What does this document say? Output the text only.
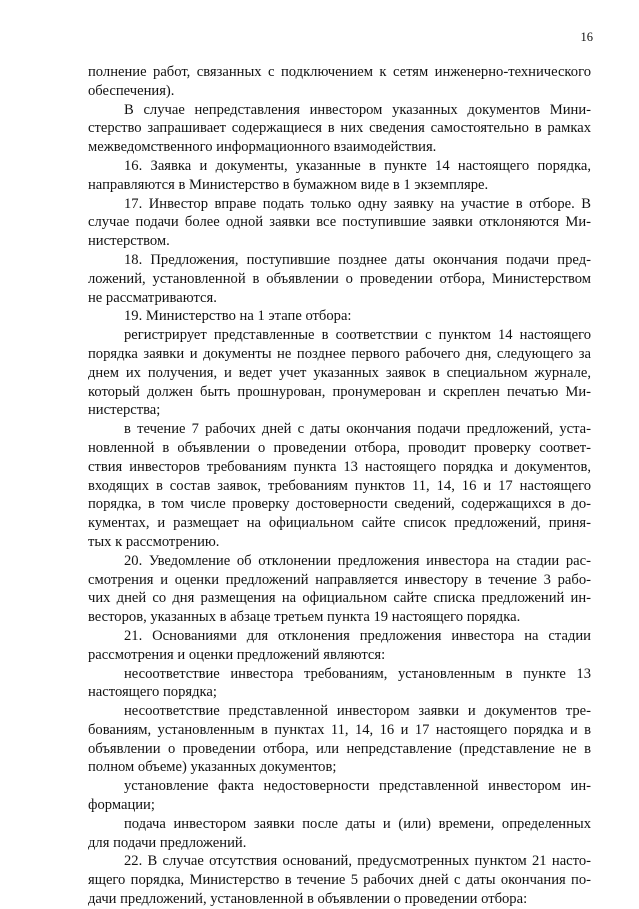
16
полнение работ, связанных с подключением к сетям инженерно-технического
обеспечения).
В случае непредставления инвестором указанных документов Мини-
стерство запрашивает содержащиеся в них сведения самостоятельно в рамках
межведомственного информационного взаимодействия.
16. Заявка и документы, указанные в пункте 14 настоящего порядка,
направляются в Министерство в бумажном виде в 1 экземпляре.
17. Инвестор вправе подать только одну заявку на участие в отборе. В
случае подачи более одной заявки все поступившие заявки отклоняются Ми-
нистерством.
18. Предложения, поступившие позднее даты окончания подачи пред-
ложений, установленной в объявлении о проведении отбора, Министерством
не рассматриваются.
19. Министерство на 1 этапе отбора:
регистрирует представленные в соответствии с пунктом 14 настоящего
порядка заявки и документы не позднее первого рабочего дня, следующего за
днем их получения, и ведет учет указанных заявок в специальном журнале,
который должен быть прошнурован, пронумерован и скреплен печатью Ми-
нистерства;
в течение 7 рабочих дней с даты окончания подачи предложений, уста-
новленной в объявлении о проведении отбора, проводит проверку соответ-
ствия инвесторов требованиям пункта 13 настоящего порядка и документов,
входящих в состав заявок, требованиям пунктов 11, 14, 16 и 17 настоящего
порядка, в том числе проверку достоверности сведений, содержащихся в до-
кументах, и размещает на официальном сайте список предложений, приня-
тых к рассмотрению.
20. Уведомление об отклонении предложения инвестора на стадии рас-
смотрения и оценки предложений направляется инвестору в течение 3 рабо-
чих дней со дня размещения на официальном сайте списка предложений ин-
весторов, указанных в абзаце третьем пункта 19 настоящего порядка.
21. Основаниями для отклонения предложения инвестора на стадии
рассмотрения и оценки предложений являются:
несоответствие инвестора требованиям, установленным в пункте 13
настоящего порядка;
несоответствие представленной инвестором заявки и документов тре-
бованиям, установленным в пунктах 11, 14, 16 и 17 настоящего порядка и в
объявлении о проведении отбора, или непредставление (представление не в
полном объеме) указанных документов;
установление факта недостоверности представленной инвестором ин-
формации;
подача инвестором заявки после даты и (или) времени, определенных
для подачи предложений.
22. В случае отсутствия оснований, предусмотренных пунктом 21 насто-
ящего порядка, Министерство в течение 5 рабочих дней с даты окончания по-
дачи предложений, установленной в объявлении о проведении отбора:
